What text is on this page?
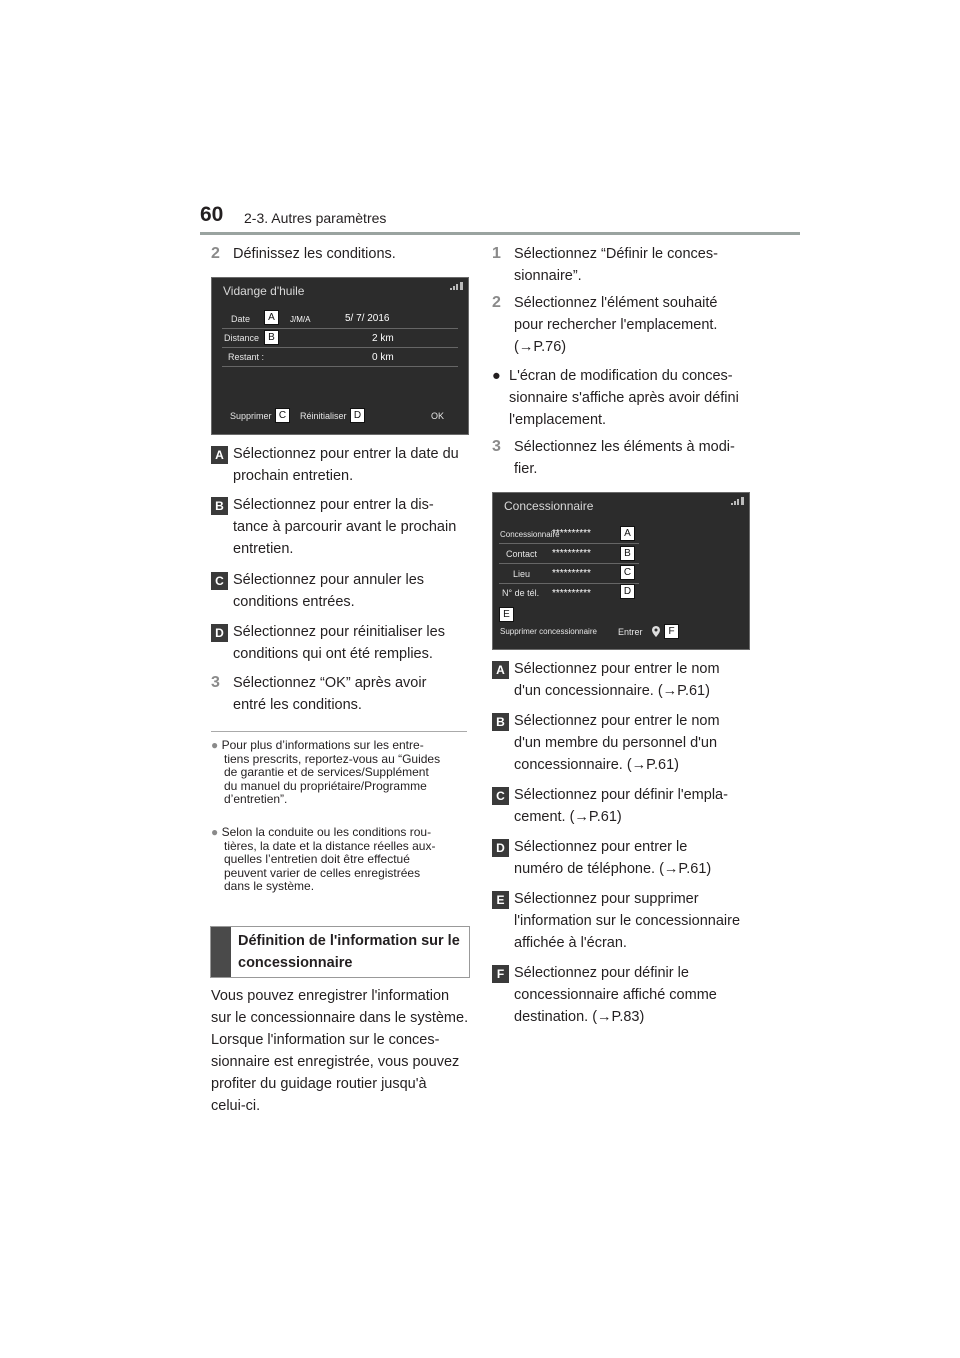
60 2-3. Autres paramètres
2 Définissez les conditions.
Vidange d'huile
Date	A	J/M/A	5/ 7/ 2016
Distance B	2 km
Restant :	0 km
Supprimer C	Réinitialiser D	OK
A Sélectionnez pour entrer la date du
prochain entretien.
B Sélectionnez pour entrer la dis-
tance à parcourir avant le prochain
entretien.
C Sélectionnez pour annuler les
conditions entrées.
D Sélectionnez pour réinitialiser les
conditions qui ont été remplies.
3 Sélectionnez “OK” après avoir
entré les conditions.
● Pour plus d’informations sur les entre-
tiens prescrits, reportez-vous au “Guides
de garantie et de services/Supplément
du manuel du propriétaire/Programme
d’entretien”.
● Selon la conduite ou les conditions rou-
tières, la date et la distance réelles aux-
quelles l’entretien doit être effectué
peuvent varier de celles enregistrées
dans le système.
Définition de l'information sur le
concessionnaire
Vous pouvez enregistrer l'information
sur le concessionnaire dans le système.
Lorsque l'information sur le conces-
sionnaire est enregistrée, vous pouvez
profiter du guidage routier jusqu'à
celui-ci.
1 Sélectionnez “Définir le conces-
sionnaire”.
2 Sélectionnez l'élément souhaité
pour rechercher l'emplacement.
(→P.76)
● L'écran de modification du conces-
sionnaire s'affiche après avoir défini
l'emplacement.
3 Sélectionnez les éléments à modi-
fier.
Concessionnaire
Concessionnaire
**********	A
Contact **********	B
Lieu **********	C
N° de tél. **********	D
E
Supprimer concessionnaire Entrer	F
A Sélectionnez pour entrer le nom
d'un concessionnaire. (→P.61)
B Sélectionnez pour entrer le nom
d'un membre du personnel d'un
concessionnaire. (→P.61)
C Sélectionnez pour définir l'empla-
cement. (→P.61)
D Sélectionnez pour entrer le
numéro de téléphone. (→P.61)
E Sélectionnez pour supprimer
l'information sur le concessionnaire
affichée à l'écran.
F Sélectionnez pour définir le
concessionnaire affiché comme
destination. (→P.83)
